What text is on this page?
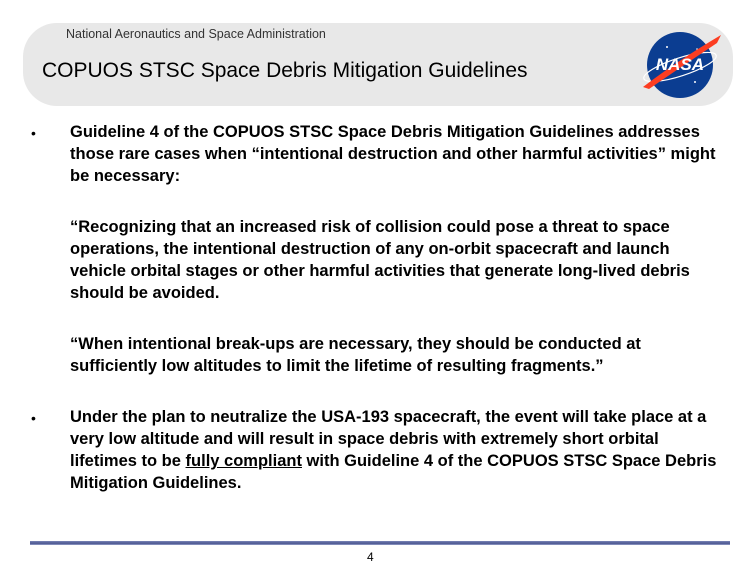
National Aeronautics and Space Administration
COPUOS STSC Space Debris Mitigation Guidelines	NASA
• Guideline 4 of the COPUOS STSC Space Debris Mitigation Guidelines addresses those rare cases when “intentional destruction and other harmful activities” might be necessary:
“Recognizing that an increased risk of collision could pose a threat to space operations, the intentional destruction of any on-orbit spacecraft and launch vehicle orbital stages or other harmful activities that generate long-lived debris should be avoided.
“When intentional break-ups are necessary, they should be conducted at sufficiently low altitudes to limit the lifetime of resulting fragments.”
• Under the plan to neutralize the USA-193 spacecraft, the event will take place at a very low altitude and will result in space debris with extremely short orbital lifetimes to be fully compliant with Guideline 4 of the COPUOS STSC Space Debris Mitigation Guidelines.
4
